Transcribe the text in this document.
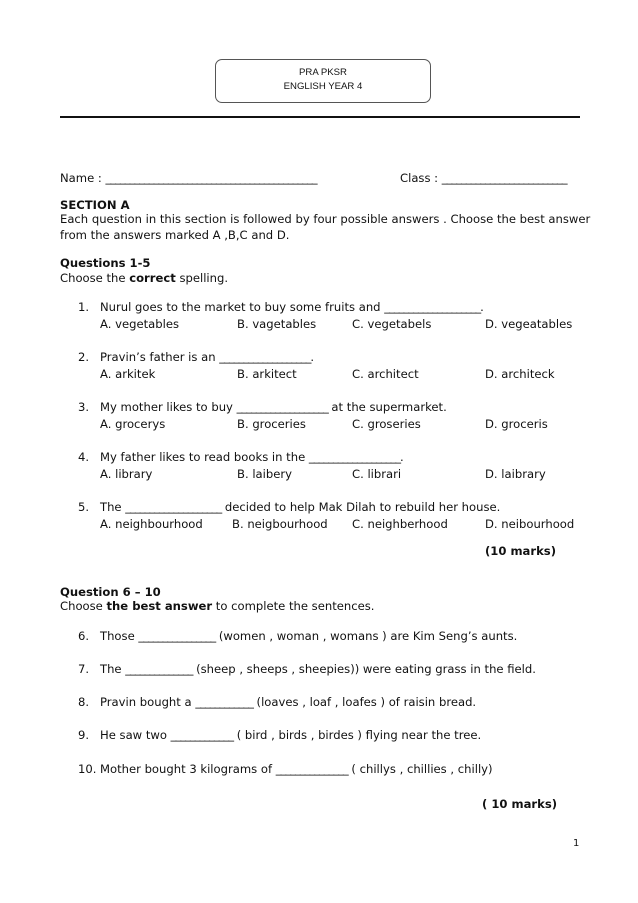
PRA PKSR
ENGLISH YEAR 4
Name : ____________________________________________	Class : __________________________
SECTION A
Each question in this section is followed by four possible answers . Choose the best answer
from the answers marked A ,B,C and D.
Questions 1-5
Choose the correct spelling.
1. Nurul goes to the market to buy some fruits and ____________________.
A. vegetables	B. vagetables	C. vegetabels	D. vegeatables
2. Pravin’s father is an ___________________.
A. arkitek	B. arkitect	C. architect	D. architeck
3. My mother likes to buy ___________________ at the supermarket.
A. grocerys	B. groceries	C. groseries	D. groceris
4. My father likes to read books in the ___________________.
A. library	B. laibery	C. librari	D. laibrary
5. The ____________________ decided to help Mak Dilah to rebuild her house.
A. neighbourhood	B. neigbourhood C. neighberhood	D. neibourhood
(10 marks)
Question 6 – 10
Choose the best answer to complete the sentences.
6. Those ________________ (women , woman , womans ) are Kim Seng’s aunts.
7. The ______________ (sheep , sheeps , sheepies)) were eating grass in the field.
8. Pravin bought a ____________ (loaves , loaf , loafes ) of raisin bread.
9. He saw two _____________ ( bird , birds , birdes ) flying near the tree.
10. Mother bought 3 kilograms of _______________ ( chillys , chillies , chilly)
( 10 marks)
1
